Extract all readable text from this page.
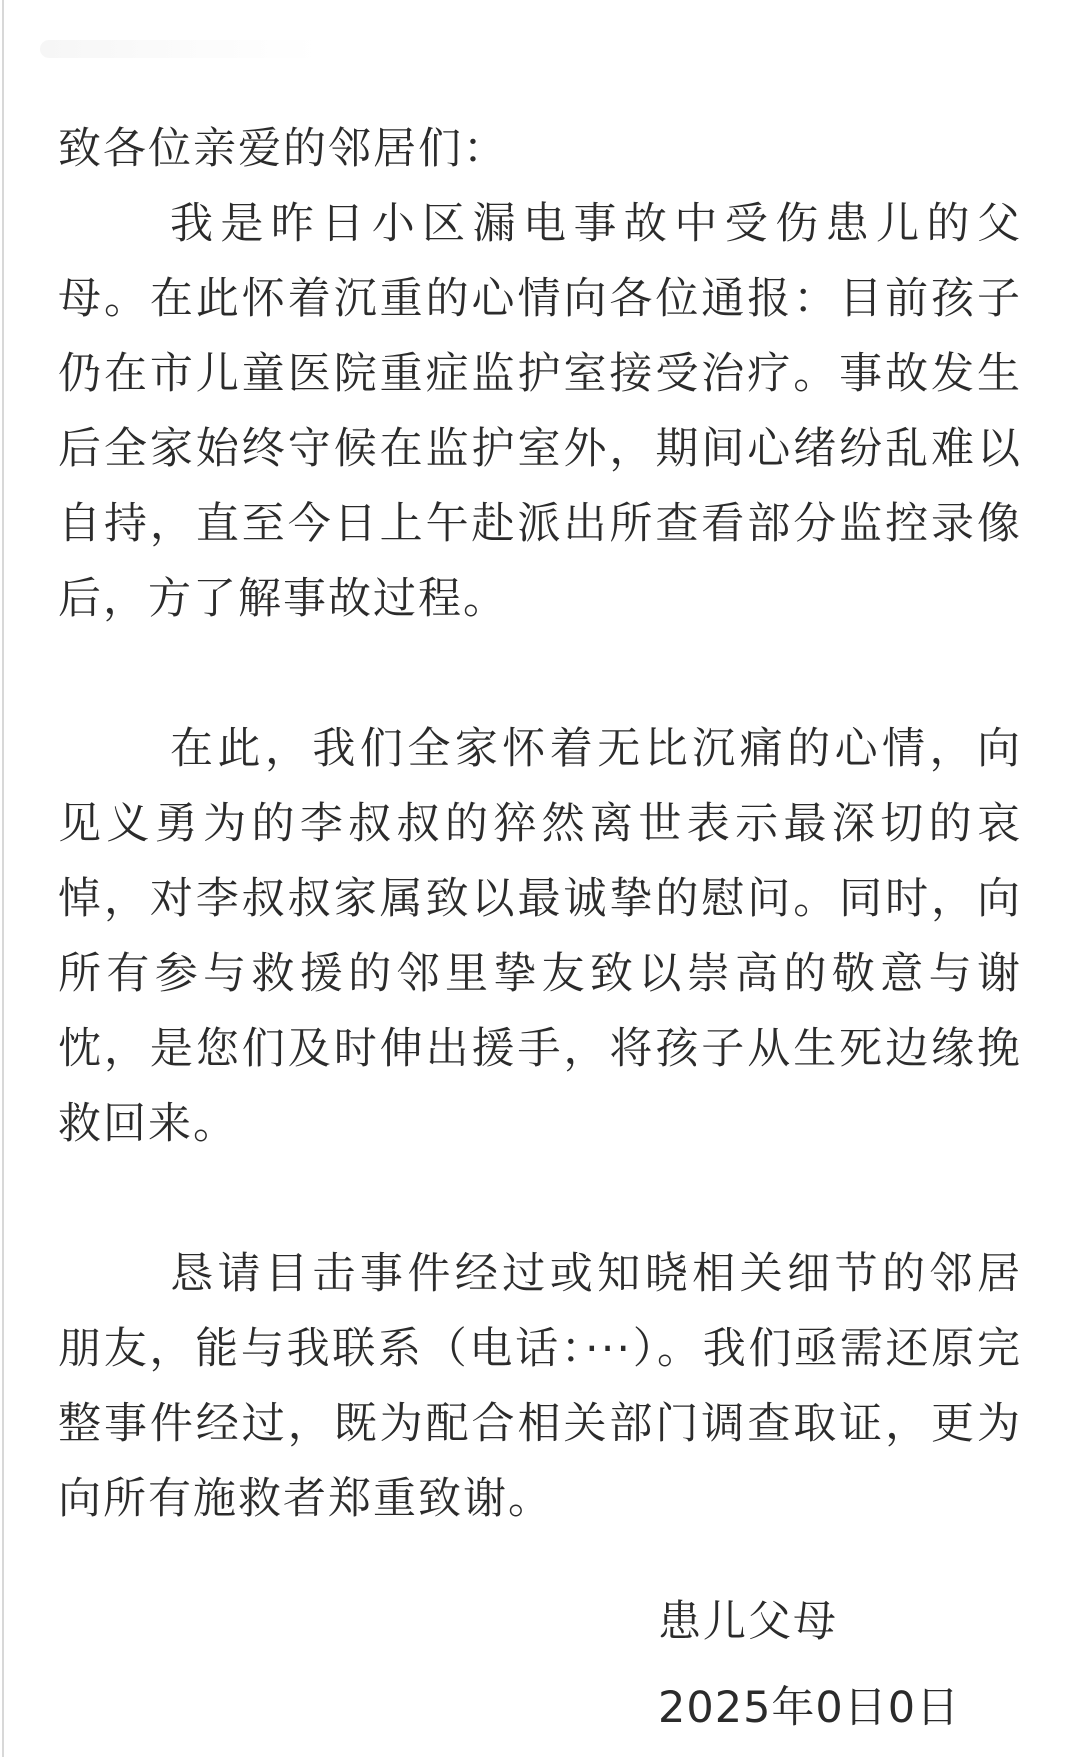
致各位亲爱的邻居们：

我是昨日小区漏电事故中受伤患儿的父母。在此怀着沉重的心情向各位通报：目前孩子仍在市儿童医院重症监护室接受治疗。事故发生后全家始终守候在监护室外，期间心绪纷乱难以自持，直至今日上午赴派出所查看部分监控录像后，方了解事故过程。

在此，我们全家怀着无比沉痛的心情，向见义勇为的李叔叔的猝然离世表示最深切的哀悼，对李叔叔家属致以最诚挚的慰问。同时，向所有参与救援的邻里挚友致以崇高的敬意与谢忱，是您们及时伸出援手，将孩子从生死边缘挽救回来。

恳请目击事件经过或知晓相关细节的邻居朋友，能与我联系（电话：···）。我们亟需还原完整事件经过，既为配合相关部门调查取证，更为向所有施救者郑重致谢。

患儿父母
2025年0日0日
